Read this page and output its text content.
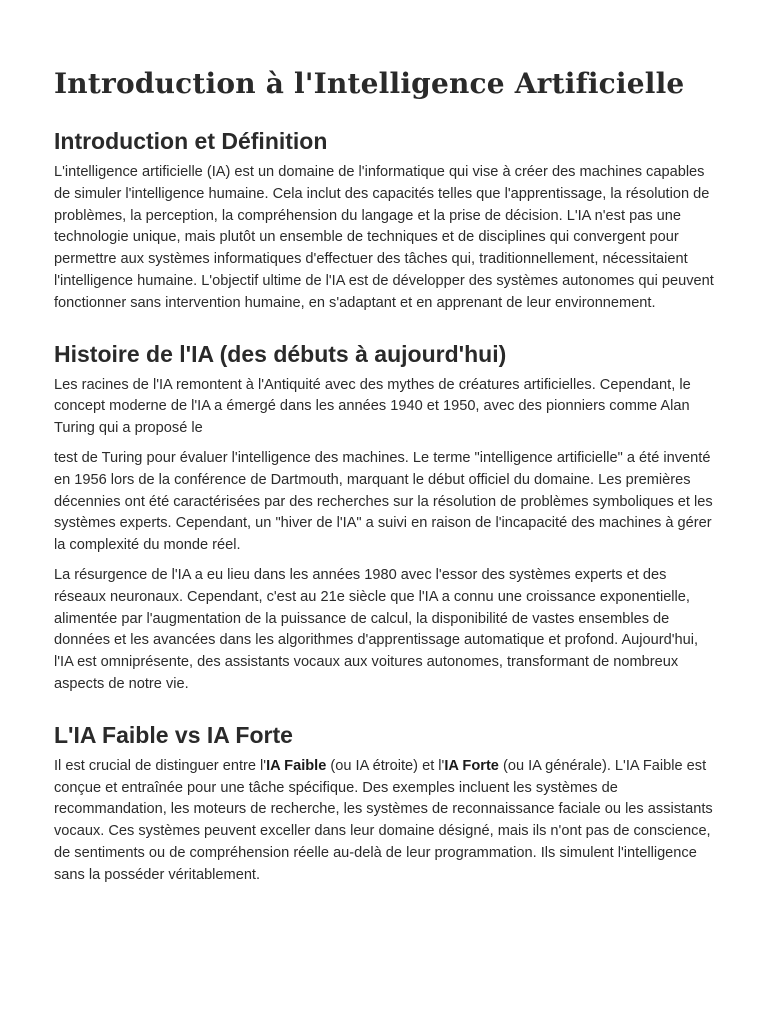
Introduction à l'Intelligence Artificielle
Introduction et Définition

L'intelligence artificielle (IA) est un domaine de l'informatique qui vise à créer des machines capables de simuler l'intelligence humaine. Cela inclut des capacités telles que l'apprentissage, la résolution de problèmes, la perception, la compréhension du langage et la prise de décision. L'IA n'est pas une technologie unique, mais plutôt un ensemble de techniques et de disciplines qui convergent pour permettre aux systèmes informatiques d'effectuer des tâches qui, traditionnellement, nécessitaient l'intelligence humaine. L'objectif ultime de l'IA est de développer des systèmes autonomes qui peuvent fonctionner sans intervention humaine, en s'adaptant et en apprenant de leur environnement.

Histoire de l'IA (des débuts à aujourd'hui)

Les racines de l'IA remontent à l'Antiquité avec des mythes de créatures artificielles. Cependant, le concept moderne de l'IA a émergé dans les années 1940 et 1950, avec des pionniers comme Alan Turing qui a proposé le

test de Turing pour évaluer l'intelligence des machines. Le terme "intelligence artificielle" a été inventé en 1956 lors de la conférence de Dartmouth, marquant le début officiel du domaine. Les premières décennies ont été caractérisées par des recherches sur la résolution de problèmes symboliques et les systèmes experts. Cependant, un "hiver de l'IA" a suivi en raison de l'incapacité des machines à gérer la complexité du monde réel.

La résurgence de l'IA a eu lieu dans les années 1980 avec l'essor des systèmes experts et des réseaux neuronaux. Cependant, c'est au 21e siècle que l'IA a connu une croissance exponentielle, alimentée par l'augmentation de la puissance de calcul, la disponibilité de vastes ensembles de données et les avancées dans les algorithmes d'apprentissage automatique et profond. Aujourd'hui, l'IA est omniprésente, des assistants vocaux aux voitures autonomes, transformant de nombreux aspects de notre vie.

L'IA Faible vs IA Forte

Il est crucial de distinguer entre l'IA Faible (ou IA étroite) et l'IA Forte (ou IA générale). L'IA Faible est conçue et entraînée pour une tâche spécifique. Des exemples incluent les systèmes de recommandation, les moteurs de recherche, les systèmes de reconnaissance faciale ou les assistants vocaux. Ces systèmes peuvent exceller dans leur domaine désigné, mais ils n'ont pas de conscience, de sentiments ou de compréhension réelle au-delà de leur programmation. Ils simulent l'intelligence sans la posséder véritablement.
